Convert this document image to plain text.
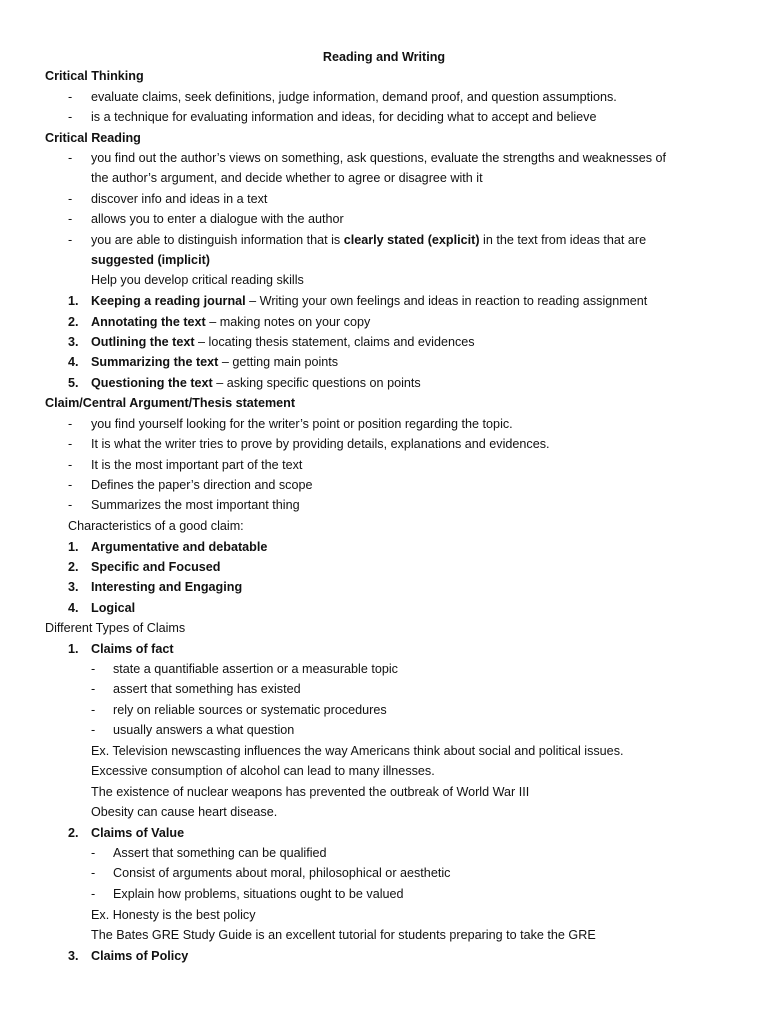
Reading and Writing
Critical Thinking
-	evaluate claims, seek definitions, judge information, demand proof, and question assumptions.
-	is a technique for evaluating information and ideas, for deciding what to accept and believe
Critical Reading
-	you find out the author’s views on something, ask questions, evaluate the strengths and weaknesses of
the author’s argument, and decide whether to agree or disagree with it
-	discover info and ideas in a text
-	allows you to enter a dialogue with the author
-	you are able to distinguish information that is clearly stated (explicit) in the text from ideas that are
suggested (implicit)
Help you develop critical reading skills
1. Keeping a reading journal – Writing your own feelings and ideas in reaction to reading assignment
2. Annotating the text – making notes on your copy
3. Outlining the text – locating thesis statement, claims and evidences
4. Summarizing the text – getting main points
5. Questioning the text – asking specific questions on points
Claim/Central Argument/Thesis statement
-	you find yourself looking for the writer’s point or position regarding the topic.
-	It is what the writer tries to prove by providing details, explanations and evidences.
-	It is the most important part of the text
-	Defines the paper’s direction and scope
-	Summarizes the most important thing
Characteristics of a good claim:
1. Argumentative and debatable
2. Specific and Focused
3. Interesting and Engaging
4. Logical
Different Types of Claims
1. Claims of fact
-	state a quantifiable assertion or a measurable topic
-	assert that something has existed
-	rely on reliable sources or systematic procedures
-	usually answers a what question
Ex. Television newscasting influences the way Americans think about social and political issues.
Excessive consumption of alcohol can lead to many illnesses.
The existence of nuclear weapons has prevented the outbreak of World War III
Obesity can cause heart disease.
2. Claims of Value
-	Assert that something can be qualified
-	Consist of arguments about moral, philosophical or aesthetic
-	Explain how problems, situations ought to be valued
Ex. Honesty is the best policy
The Bates GRE Study Guide is an excellent tutorial for students preparing to take the GRE
3. Claims of Policy
